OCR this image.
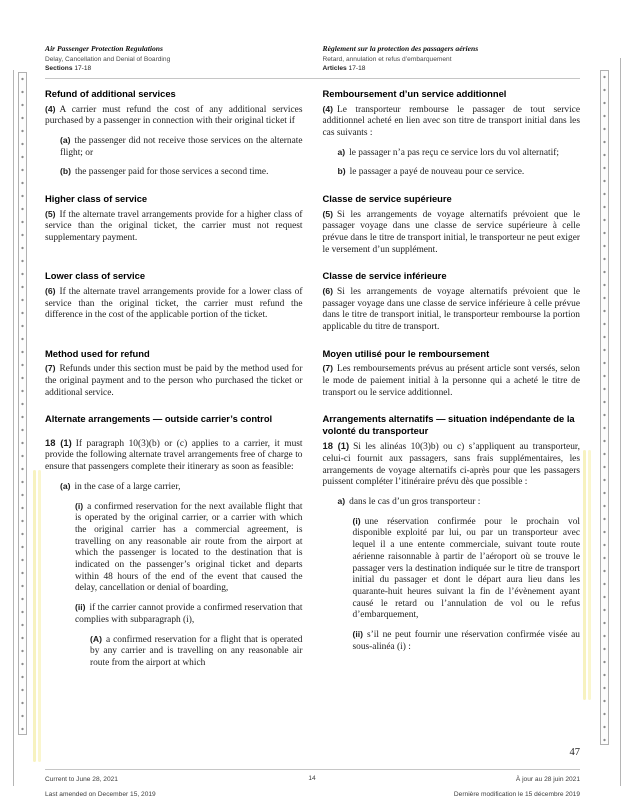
Air Passenger Protection Regulations
Delay, Cancellation and Denial of Boarding
Sections 17-18
Règlement sur la protection des passagers aériens
Retard, annulation et refus d’embarquement
Articles 17-18
Refund of additional services

(4) A carrier must refund the cost of any additional services purchased by a passenger in connection with their original ticket if

(a) the passenger did not receive those services on the alternate flight; or

(b) the passenger paid for those services a second time.

Remboursement d’un service additionnel

(4) Le transporteur rembourse le passager de tout service additionnel acheté en lien avec son titre de transport initial dans les cas suivants :

a) le passager n’a pas reçu ce service lors du vol alternatif;

b) le passager a payé de nouveau pour ce service.

Higher class of service

(5) If the alternate travel arrangements provide for a higher class of service than the original ticket, the carrier must not request supplementary payment.

Classe de service supérieure

(5) Si les arrangements de voyage alternatifs prévoient que le passager voyage dans une classe de service supérieure à celle prévue dans le titre de transport initial, le transporteur ne peut exiger le versement d’un supplément.

Lower class of service

(6) If the alternate travel arrangements provide for a lower class of service than the original ticket, the carrier must refund the difference in the cost of the applicable portion of the ticket.

Classe de service inférieure

(6) Si les arrangements de voyage alternatifs prévoient que le passager voyage dans une classe de service inférieure à celle prévue dans le titre de transport initial, le transporteur rembourse la portion applicable du titre de transport.

Method used for refund

(7) Refunds under this section must be paid by the method used for the original payment and to the person who purchased the ticket or additional service.

Moyen utilisé pour le remboursement

(7) Les remboursements prévus au présent article sont versés, selon le mode de paiement initial à la personne qui a acheté le titre de transport ou le service additionnel.

Alternate arrangements — outside carrier’s control

18 (1) If paragraph 10(3)(b) or (c) applies to a carrier, it must provide the following alternate travel arrangements free of charge to ensure that passengers complete their itinerary as soon as feasible:

(a) in the case of a large carrier,

(i) a confirmed reservation for the next available flight that is operated by the original carrier, or a carrier with which the original carrier has a commercial agreement, is travelling on any reasonable air route from the airport at which the passenger is located to the destination that is indicated on the passenger’s original ticket and departs within 48 hours of the end of the event that caused the delay, cancellation or denial of boarding,

(ii) if the carrier cannot provide a confirmed reservation that complies with subparagraph (i),

(A) a confirmed reservation for a flight that is operated by any carrier and is travelling on any reasonable air route from the airport at which

Arrangements alternatifs — situation indépendante de la volonté du transporteur

18 (1) Si les alinéas 10(3)b) ou c) s’appliquent au transporteur, celui-ci fournit aux passagers, sans frais supplémentaires, les arrangements de voyage alternatifs ci-après pour que les passagers puissent compléter l’itinéraire prévu dès que possible :

a) dans le cas d’un gros transporteur :

(i) une réservation confirmée pour le prochain vol disponible exploité par lui, ou par un transporteur avec lequel il a une entente commerciale, suivant toute route aérienne raisonnable à partir de l’aéroport où se trouve le passager vers la destination indiquée sur le titre de transport initial du passager et dont le départ aura lieu dans les quarante-huit heures suivant la fin de l’évènement ayant causé le retard ou l’annulation de vol ou le refus d’embarquement,

(ii) s’il ne peut fournir une réservation confirmée visée au sous-alinéa (i) :

47
Current to June 28, 2021
Last amended on December 15, 2019
14	À jour au 28 juin 2021
Dernière modification le 15 décembre 2019
